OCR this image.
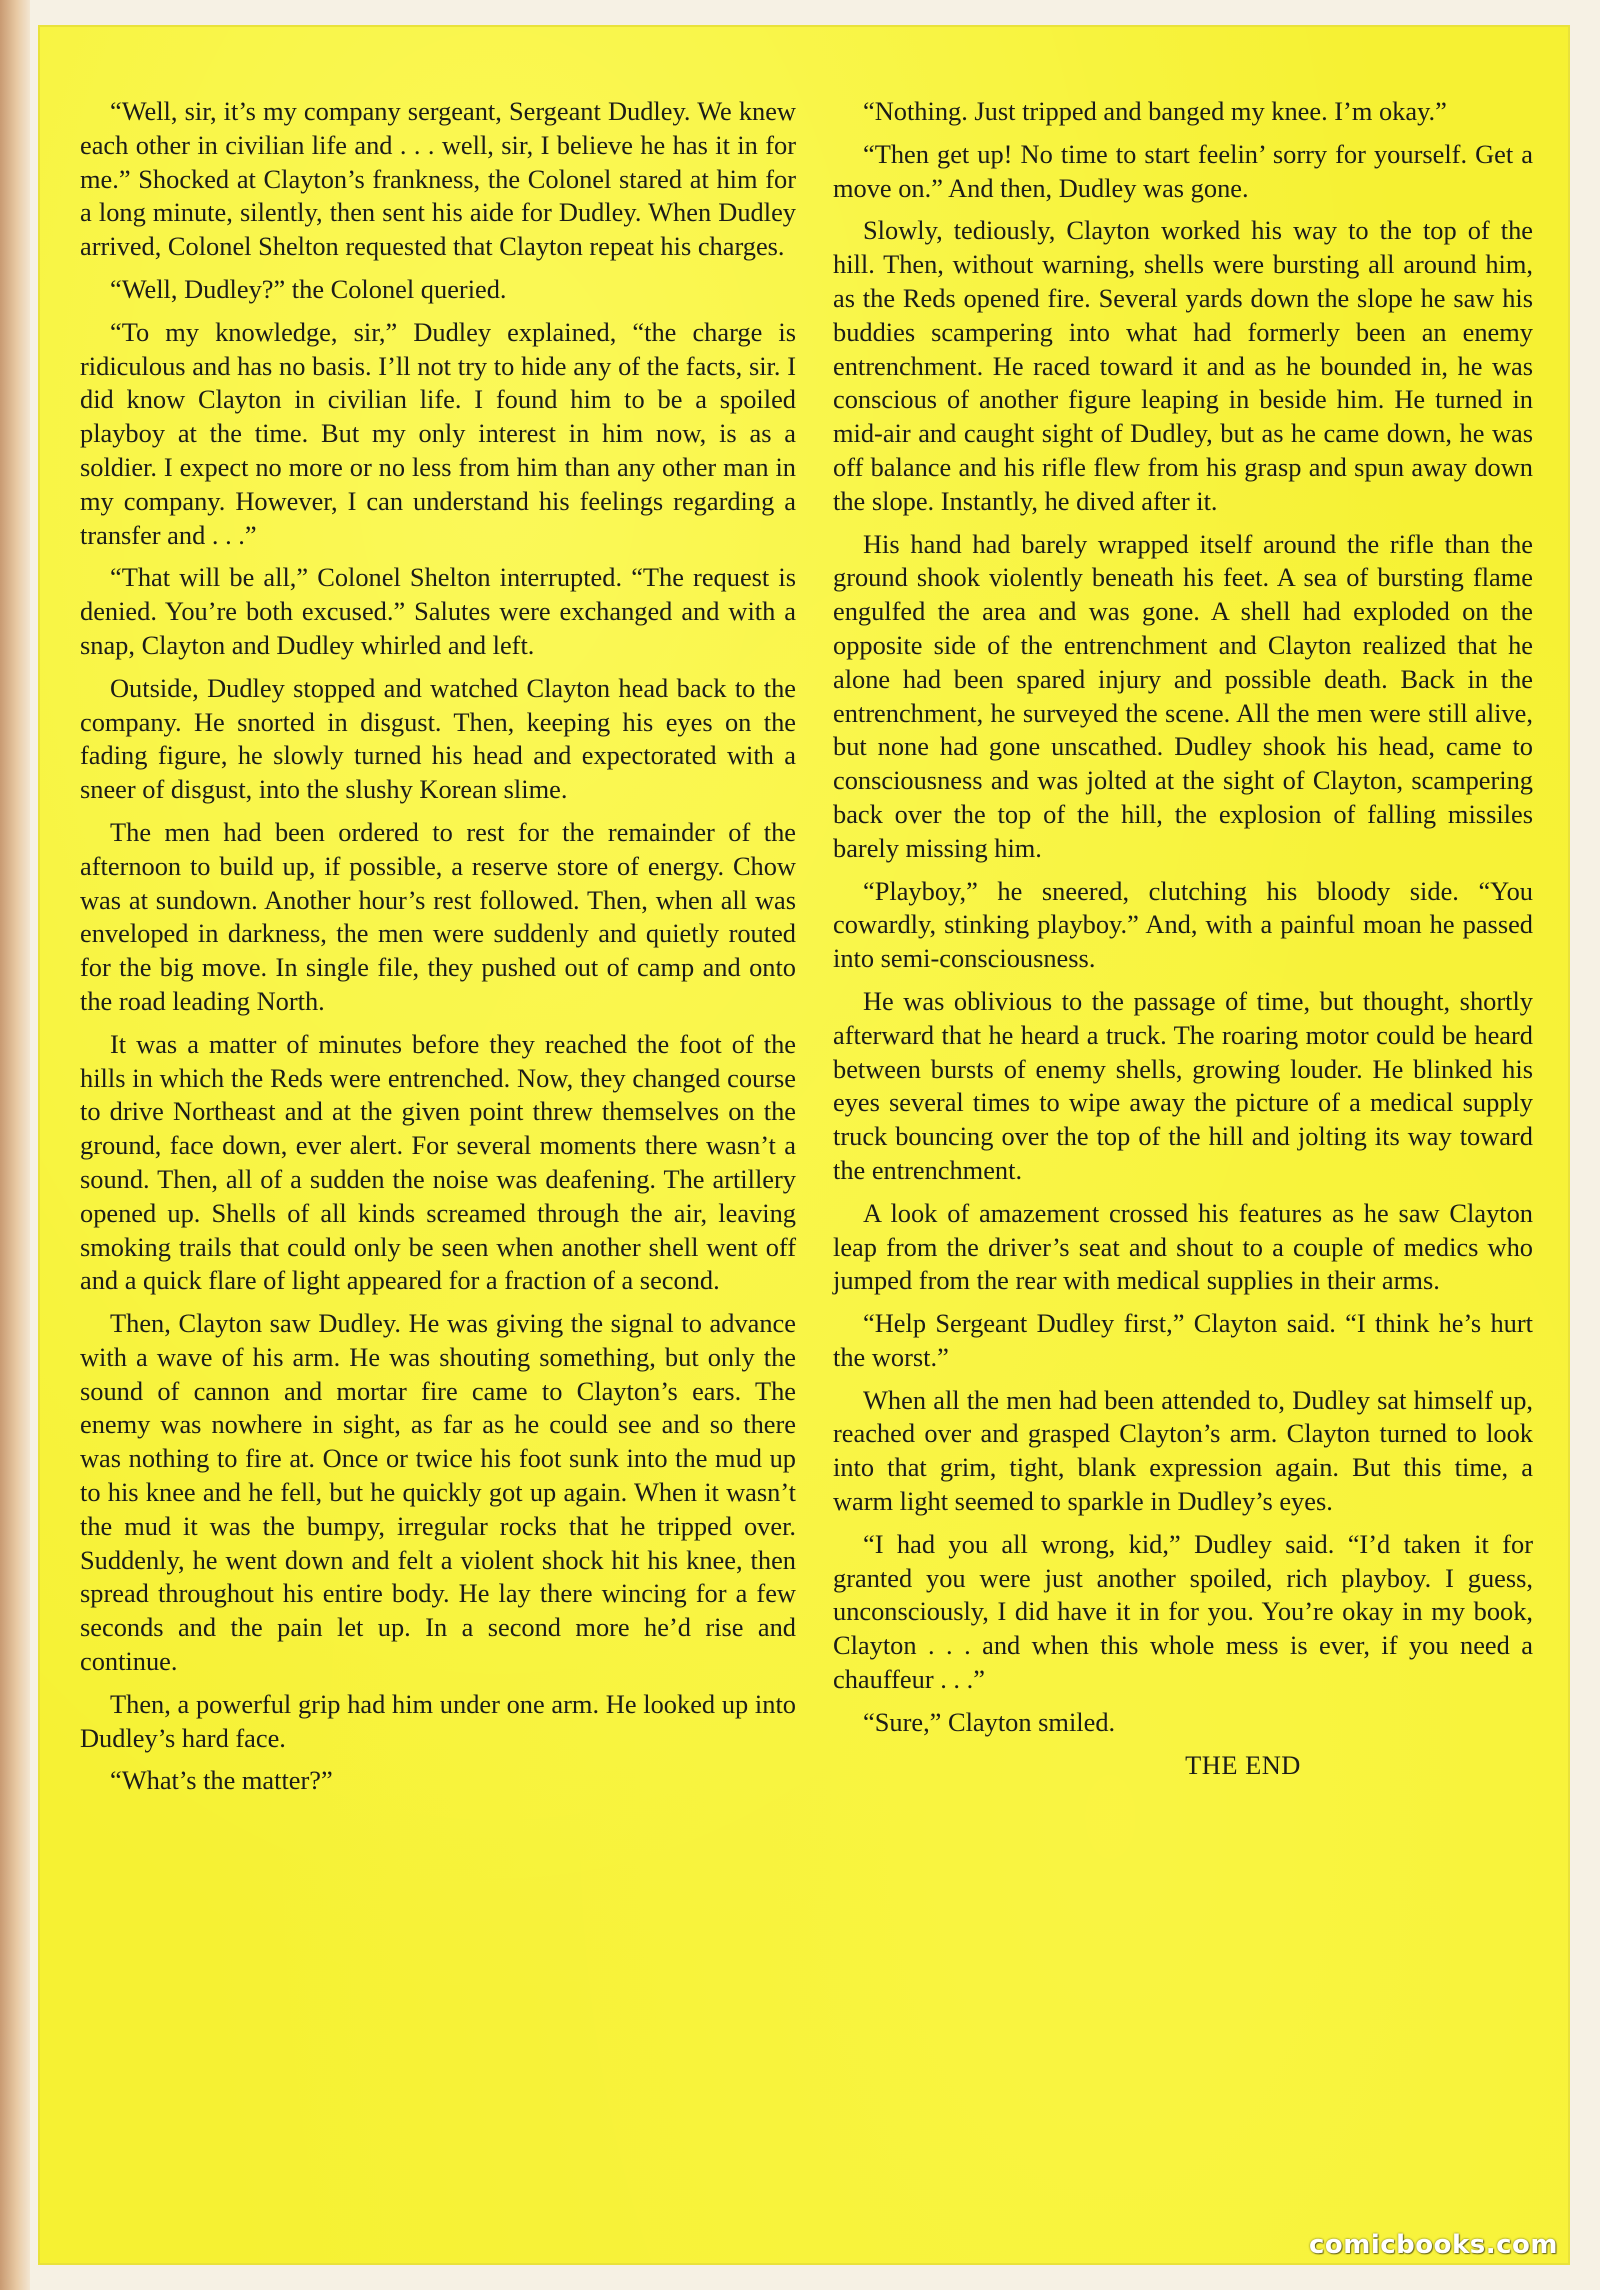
“Well, sir, it’s my company sergeant, Sergeant Dudley. We knew each other in civilian life and . . . well, sir, I believe he has it in for me.” Shocked at Clayton’s frankness, the Colonel stared at him for a long minute, silently, then sent his aide for Dudley. When Dudley arrived, Colonel Shelton requested that Clayton repeat his charges.

“Well, Dudley?” the Colonel queried.

“To my knowledge, sir,” Dudley explained, “the charge is ridiculous and has no basis. I’ll not try to hide any of the facts, sir. I did know Clayton in civilian life. I found him to be a spoiled playboy at the time. But my only interest in him now, is as a soldier. I expect no more or no less from him than any other man in my company. However, I can understand his feelings regarding a transfer and . . .”

“That will be all,” Colonel Shelton interrupted. “The request is denied. You’re both excused.” Salutes were exchanged and with a snap, Clayton and Dudley whirled and left.

Outside, Dudley stopped and watched Clayton head back to the company. He snorted in disgust. Then, keeping his eyes on the fading figure, he slowly turned his head and expectorated with a sneer of disgust, into the slushy Korean slime.

The men had been ordered to rest for the remainder of the afternoon to build up, if possible, a reserve store of energy. Chow was at sundown. Another hour’s rest followed. Then, when all was enveloped in darkness, the men were suddenly and quietly routed for the big move. In single file, they pushed out of camp and onto the road leading North.

It was a matter of minutes before they reached the foot of the hills in which the Reds were entrenched. Now, they changed course to drive Northeast and at the given point threw themselves on the ground, face down, ever alert. For several moments there wasn’t a sound. Then, all of a sudden the noise was deafening. The artillery opened up. Shells of all kinds screamed through the air, leaving smoking trails that could only be seen when another shell went off and a quick flare of light appeared for a fraction of a second.

Then, Clayton saw Dudley. He was giving the signal to advance with a wave of his arm. He was shouting something, but only the sound of cannon and mortar fire came to Clayton’s ears. The enemy was nowhere in sight, as far as he could see and so there was nothing to fire at. Once or twice his foot sunk into the mud up to his knee and he fell, but he quickly got up again. When it wasn’t the mud it was the bumpy, irregular rocks that he tripped over. Suddenly, he went down and felt a violent shock hit his knee, then spread throughout his entire body. He lay there wincing for a few seconds and the pain let up. In a second more he’d rise and continue.

Then, a powerful grip had him under one arm. He looked up into Dudley’s hard face.

“What’s the matter?”

“Nothing. Just tripped and banged my knee. I’m okay.”

“Then get up! No time to start feelin’ sorry for yourself. Get a move on.” And then, Dudley was gone.

Slowly, tediously, Clayton worked his way to the top of the hill. Then, without warning, shells were bursting all around him, as the Reds opened fire. Several yards down the slope he saw his buddies scampering into what had formerly been an enemy entrenchment. He raced toward it and as he bounded in, he was conscious of another figure leaping in beside him. He turned in mid-air and caught sight of Dudley, but as he came down, he was off balance and his rifle flew from his grasp and spun away down the slope. Instantly, he dived after it.

His hand had barely wrapped itself around the rifle than the ground shook violently beneath his feet. A sea of bursting flame engulfed the area and was gone. A shell had exploded on the opposite side of the entrenchment and Clayton realized that he alone had been spared injury and possible death. Back in the entrenchment, he surveyed the scene. All the men were still alive, but none had gone unscathed. Dudley shook his head, came to consciousness and was jolted at the sight of Clayton, scampering back over the top of the hill, the explosion of falling missiles barely missing him.

“Playboy,” he sneered, clutching his bloody side. “You cowardly, stinking playboy.” And, with a painful moan he passed into semi-consciousness.

He was oblivious to the passage of time, but thought, shortly afterward that he heard a truck. The roaring motor could be heard between bursts of enemy shells, growing louder. He blinked his eyes several times to wipe away the picture of a medical supply truck bouncing over the top of the hill and jolting its way toward the entrenchment.

A look of amazement crossed his features as he saw Clayton leap from the driver’s seat and shout to a couple of medics who jumped from the rear with medical supplies in their arms.

“Help Sergeant Dudley first,” Clayton said. “I think he’s hurt the worst.”

When all the men had been attended to, Dudley sat himself up, reached over and grasped Clayton’s arm. Clayton turned to look into that grim, tight, blank expression again. But this time, a warm light seemed to sparkle in Dudley’s eyes.

“I had you all wrong, kid,” Dudley said. “I’d taken it for granted you were just another spoiled, rich playboy. I guess, unconsciously, I did have it in for you. You’re okay in my book, Clayton . . . and when this whole mess is ever, if you need a chauffeur . . .”

“Sure,” Clayton smiled.

THE END
comicbooks.com
